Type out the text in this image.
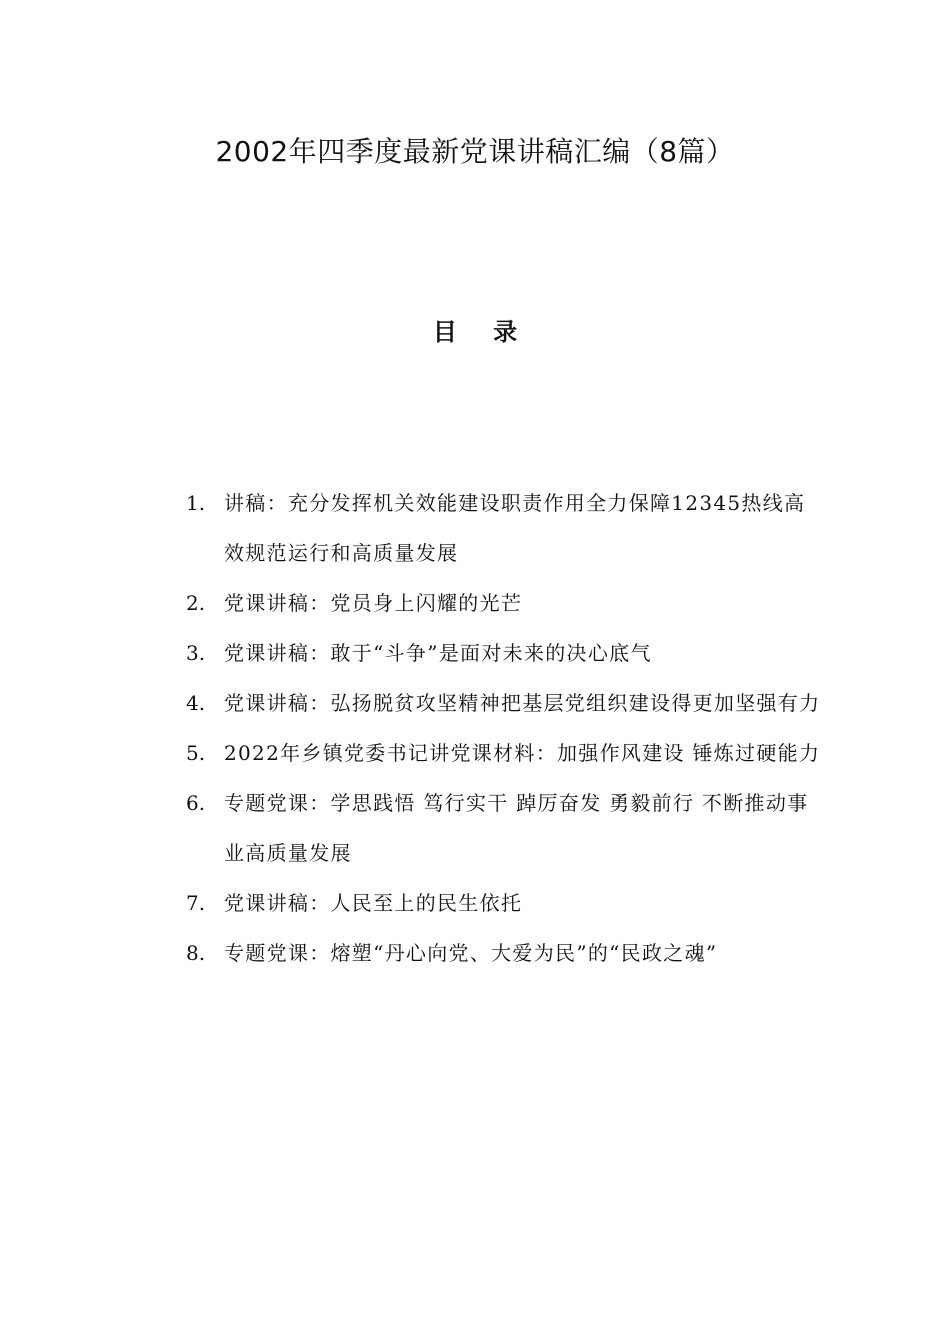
2002年四季度最新党课讲稿汇编（8篇）
目 录
1. 讲稿：充分发挥机关效能建设职责作用全力保障12345热线高效规范运行和高质量发展
2. 党课讲稿：党员身上闪耀的光芒
3. 党课讲稿：敢于“斗争”是面对未来的决心底气
4. 党课讲稿：弘扬脱贫攻坚精神把基层党组织建设得更加坚强有力
5. 2022年乡镇党委书记讲党课材料：加强作风建设 锤炼过硬能力
6. 专题党课：学思践悟 笃行实干 踔厉奋发 勇毅前行 不断推动事业高质量发展
7. 党课讲稿：人民至上的民生依托
8. 专题党课：熔塑“丹心向党、大爱为民”的“民政之魂”
